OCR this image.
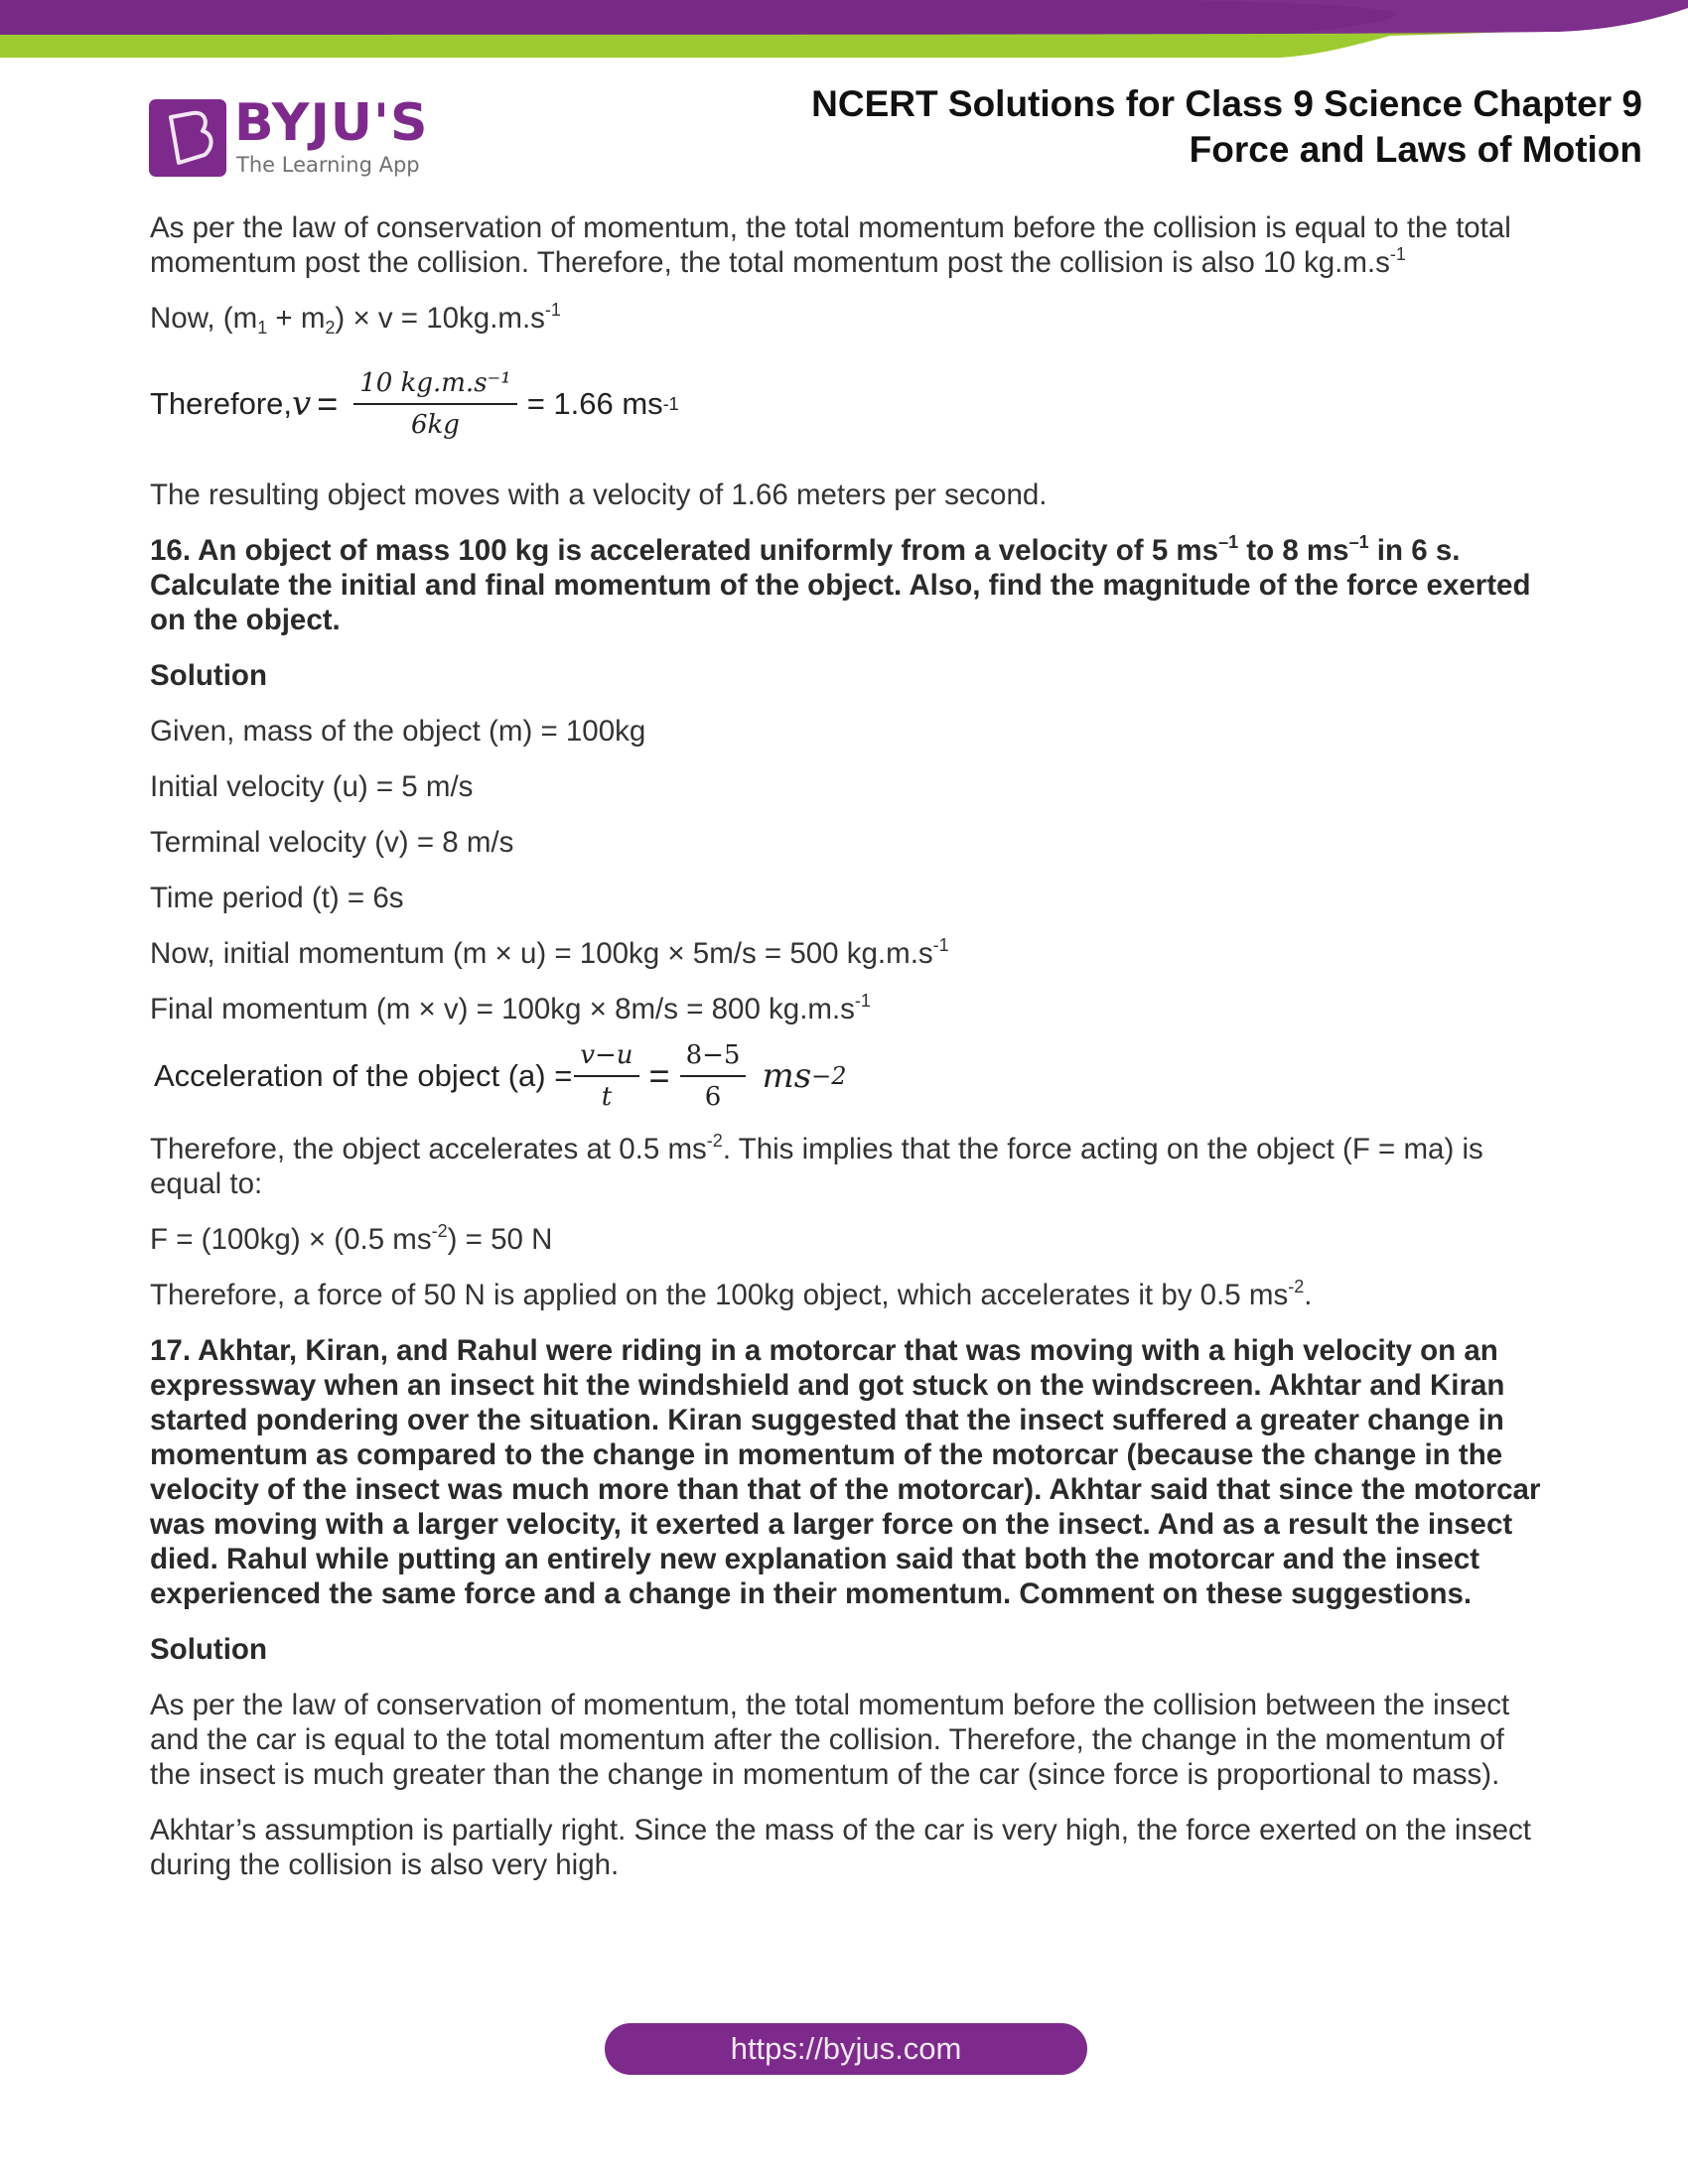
BYJU'S
The Learning App
NCERT Solutions for Class 9 Science Chapter 9
Force and Laws of Motion

As per the law of conservation of momentum, the total momentum before the collision is equal to the total momentum post the collision. Therefore, the total momentum post the collision is also 10 $kg.m.s^{-1}$

Now, $(m_1 + m_2) \times v = 10kg.m.s^{-1}$

Therefore, $v = \frac{\text{10 kg.m.s⁻¹}}{6kg} = 1.66$ ms -1

The resulting object moves with a velocity of 1.66 meters per second.

16. An object of mass 100 kg is accelerated uniformly from a velocity of 5 $ms^{-1}$ to 8 $ms^{-1}$ in 6 s. Calculate the initial and final momentum of the object. Also, find the magnitude of the force exerted on the object.

Solution

Given, mass of the object (m) = 100kg

Initial velocity (u) = 5 m/s

Terminal velocity (v) = 8 m/s

Time period (t) = 6s

Now, initial momentum (m × u) = 100kg × 5m/s = 500 $kg.m.s^{-1}$

Final momentum (m × v) = 100kg × 8m/s = 800 $kg.m.s^{-1}$

Acceleration of the object $(a) = \frac{v-u}{t} = \frac{8-5}{6}$ ms −2

Therefore, the object accelerates at 0.5 $ms^{-2}$. This implies that the force acting on the object (F = ma) is equal to:

F = (100kg) × (0.5 $ms^{-2}) = 50$ N

Therefore, a force of 50 N is applied on the 100kg object, which accelerates it by 0.5 $ms^{-2}$.

17. Akhtar, Kiran, and Rahul were riding in a motorcar that was moving with a high velocity on an expressway when an insect hit the windshield and got stuck on the windscreen. Akhtar and Kiran started pondering over the situation. Kiran suggested that the insect suffered a greater change in momentum as compared to the change in momentum of the motorcar (because the change in the velocity of the insect was much more than that of the motorcar). Akhtar said that since the motorcar was moving with a larger velocity, it exerted a larger force on the insect. And as a result the insect died. Rahul while putting an entirely new explanation said that both the motorcar and the insect experienced the same force and a change in their momentum. Comment on these suggestions.

Solution

As per the law of conservation of momentum, the total momentum before the collision between the insect and the car is equal to the total momentum after the collision. Therefore, the change in the momentum of the insect is much greater than the change in momentum of the car (since force is proportional to mass).

Akhtar’s assumption is partially right. Since the mass of the car is very high, the force exerted on the insect during the collision is also very high.

https://byjus.com
